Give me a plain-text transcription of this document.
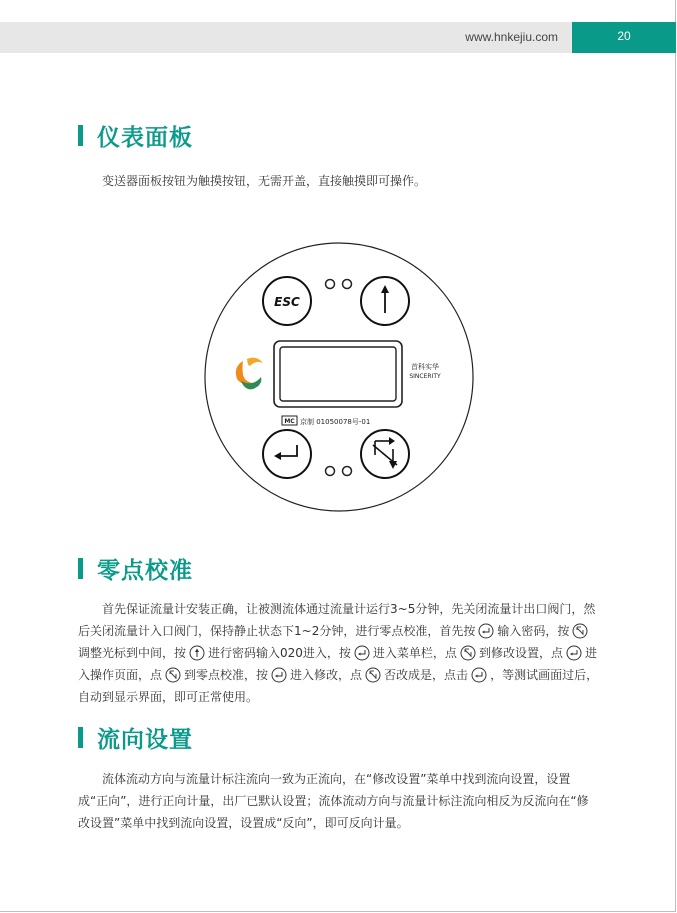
www.hnkejiu.com	20
仪表面板
变送器面板按钮为触摸按钮，无需开盖，直接触摸即可操作。
ESC
首科实华
SINCERITY
MC 京制 01050078号-01
零点校准
首先保证流量计安装正确，让被测流体通过流量计运行3~5分钟，先关闭流量计出口阀门，然后关闭流量计入口阀门，保持静止状态下1~2分钟，进行零点校准，首先按 输入密码，按调整光标到中间，按 进行密码输入020进入，按 进入菜单栏，点 到修改设置，点 进入操作页面，点 到零点校准，按 进入修改，点 否改成是，点击 ，等测试画面过后，自动到显示界面，即可正常使用。
流向设置
流体流动方向与流量计标注流向一致为正流向，在“修改设置”菜单中找到流向设置，设置成“正向”，进行正向计量，出厂已默认设置；流体流动方向与流量计标注流向相反为反流向在“修改设置”菜单中找到流向设置，设置成“反向”，即可反向计量。
